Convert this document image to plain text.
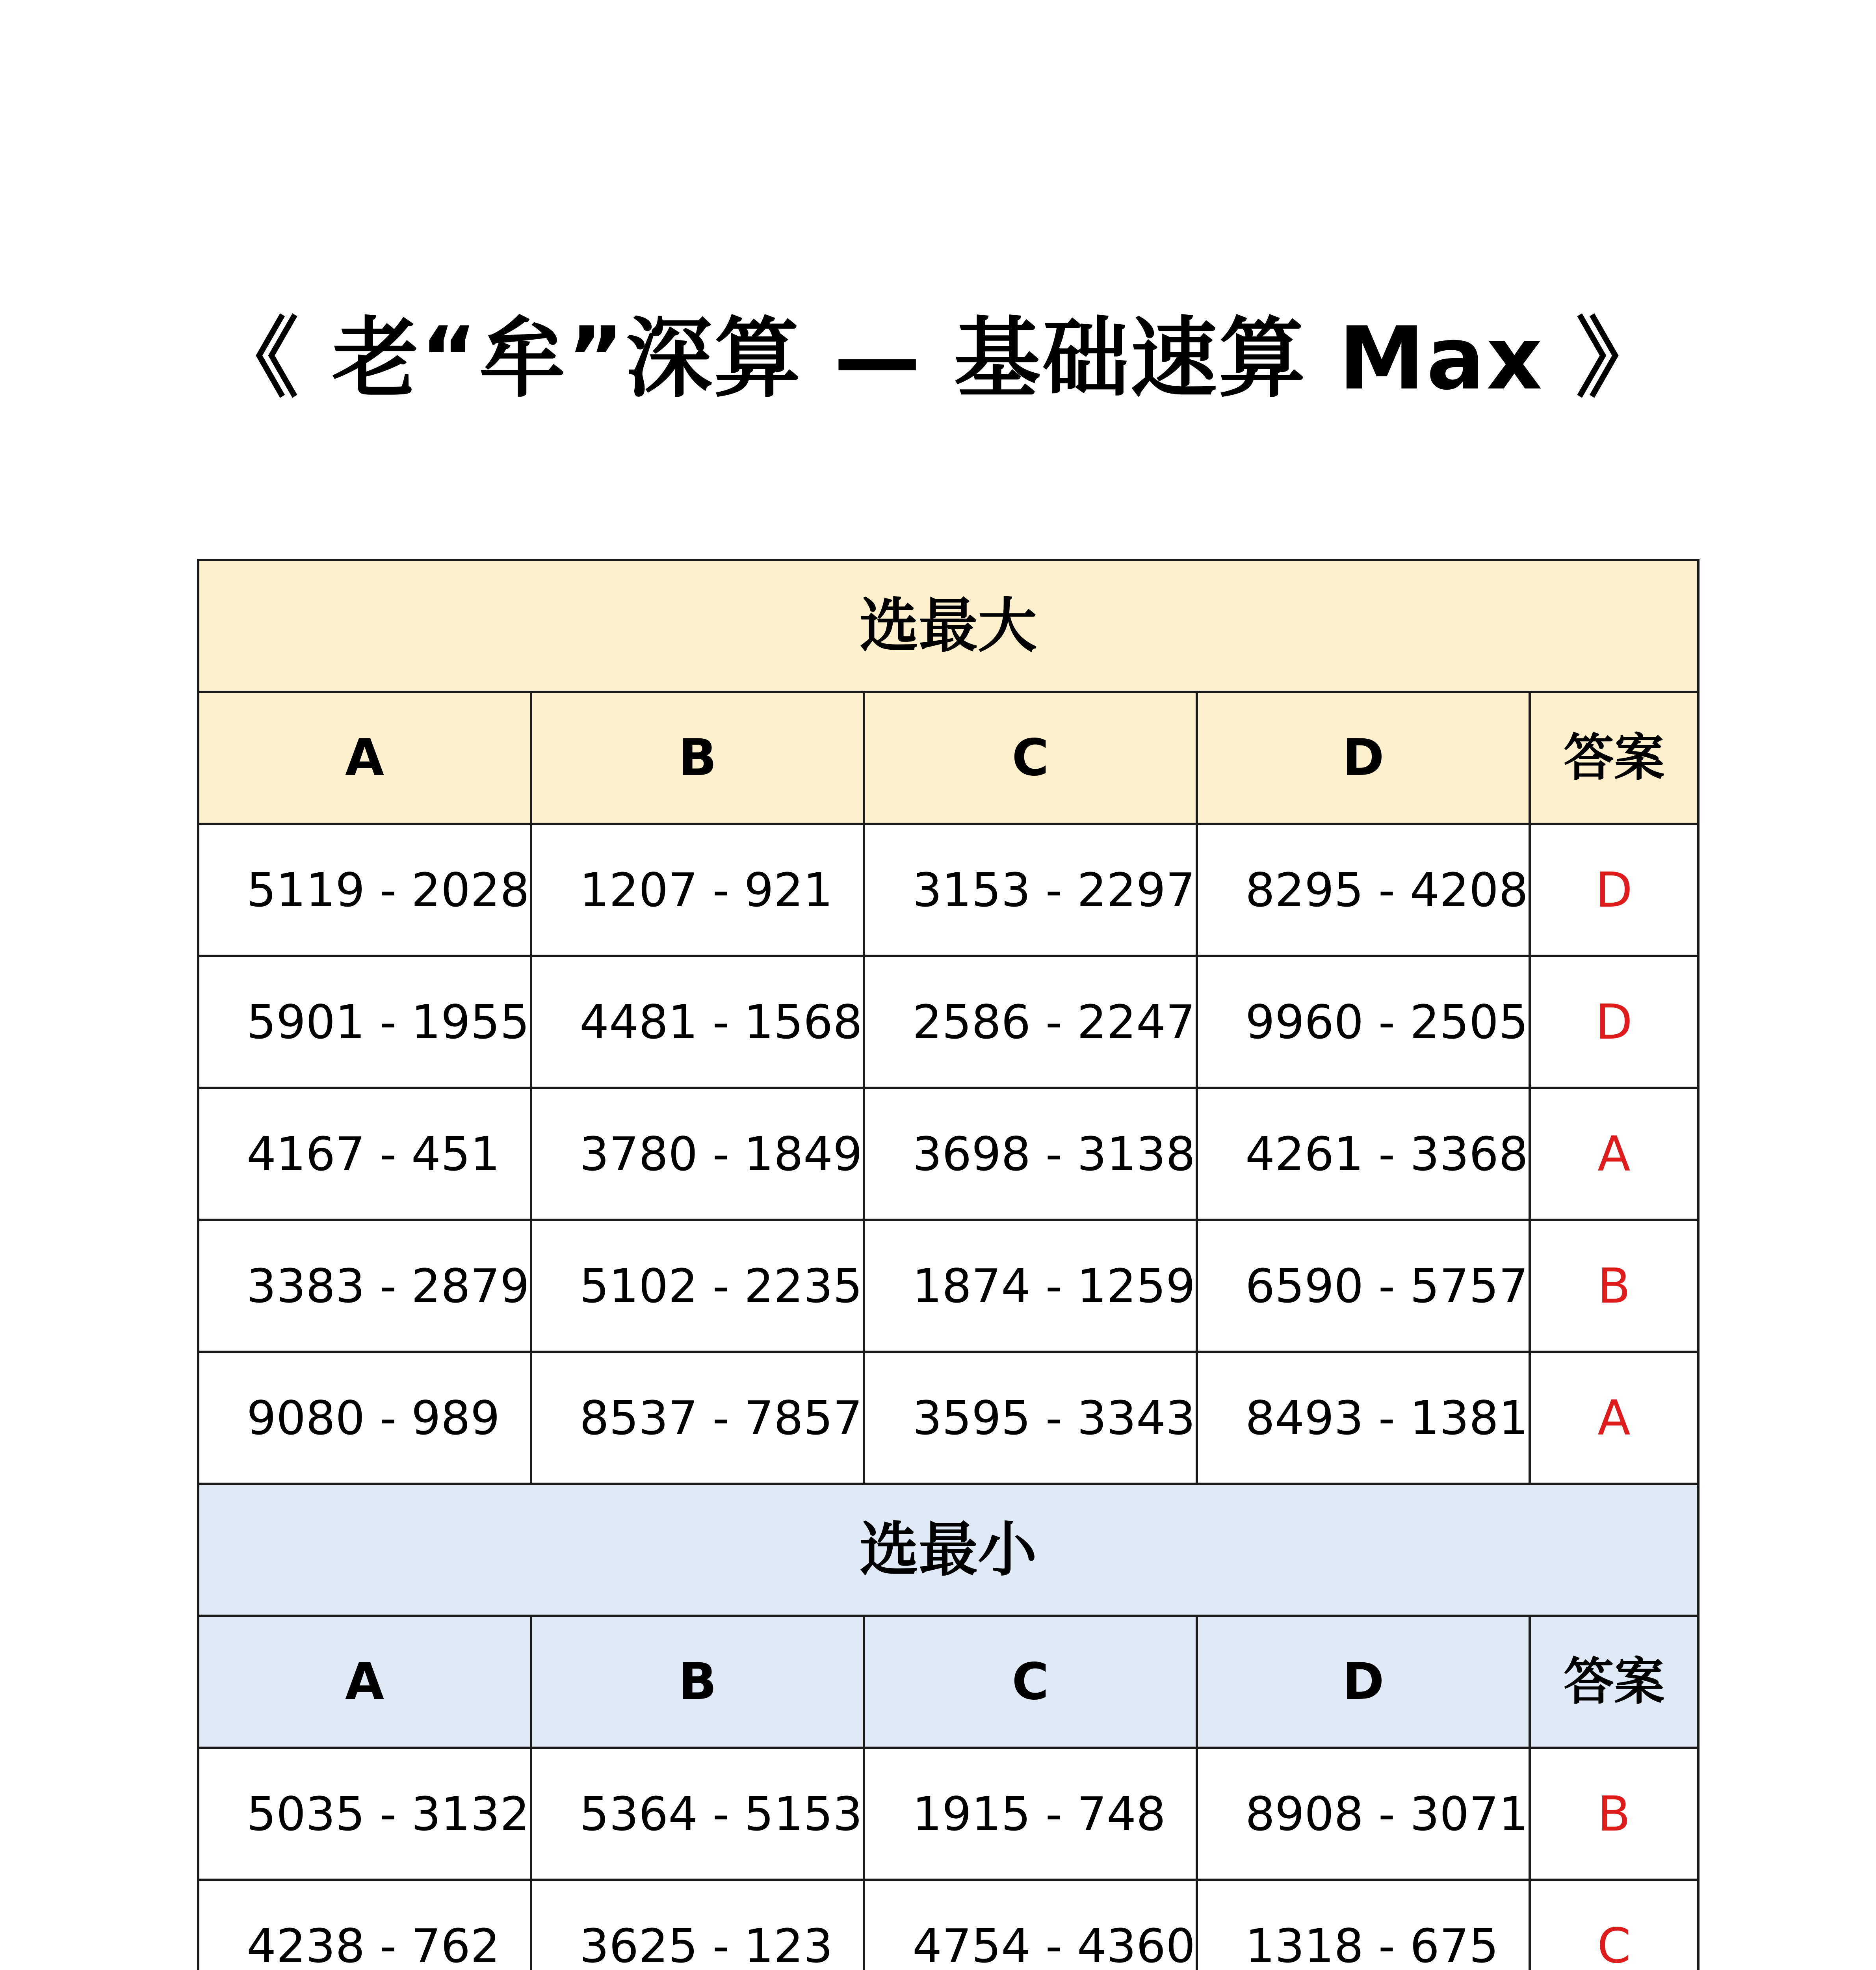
《 老“牟”深算 — 基础速算 Max 》
选最大				
A	B	C	D	答案
5119 - 2028	1207 - 921	3153 - 2297	8295 - 4208	D
5901 - 1955	4481 - 1568	2586 - 2247	9960 - 2505	D
4167 - 451	3780 - 1849	3698 - 3138	4261 - 3368	A
3383 - 2879	5102 - 2235	1874 - 1259	6590 - 5757	B
9080 - 989	8537 - 7857	3595 - 3343	8493 - 1381	A
选最小				
A	B	C	D	答案
5035 - 3132	5364 - 5153	1915 - 748	8908 - 3071	B
4238 - 762	3625 - 123	4754 - 4360	1318 - 675	C
